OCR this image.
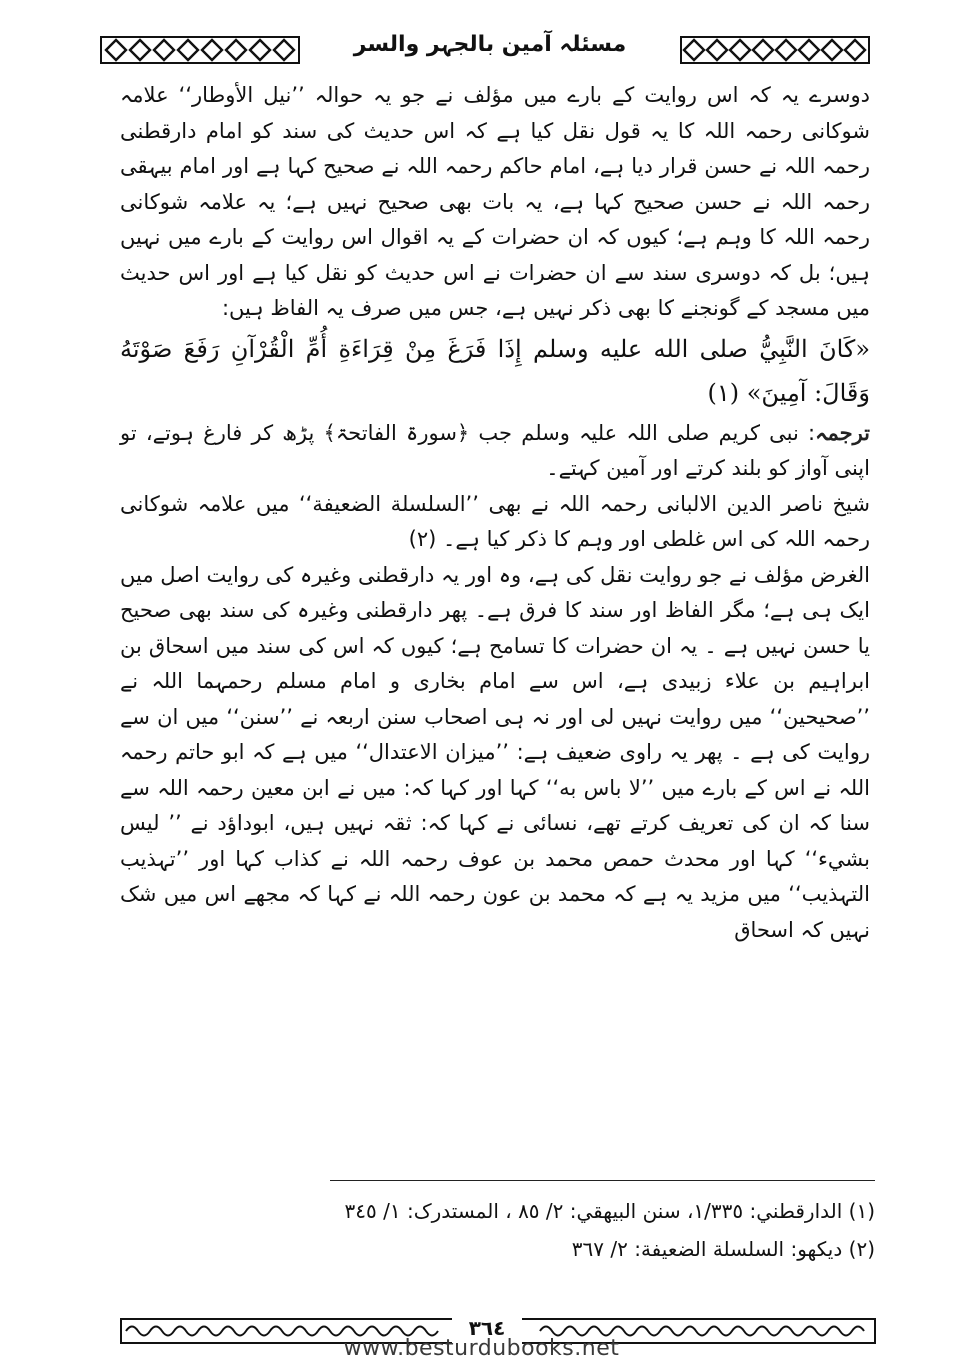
مسئلہ آمین بالجہر والسر

دوسرے یہ کہ اس روایت کے بارے میں مؤلف نے جو یہ حوالہ ’’نیل الأوطار‘‘ علامہ شوکانی رحمہ اللہ کا یہ قول نقل کیا ہے کہ اس حدیث کی سند کو امام دارقطنی رحمہ اللہ نے حسن قرار دیا ہے، امام حاکم رحمہ اللہ نے صحیح کہا ہے اور امام بیہقی رحمہ اللہ نے حسن صحیح کہا ہے، یہ بات بھی صحیح نہیں ہے؛ یہ علامہ شوکانی رحمہ اللہ کا وہم ہے؛ کیوں کہ ان حضرات کے یہ اقوال اس روایت کے بارے میں نہیں ہیں؛ بل کہ دوسری سند سے ان حضرات نے اس حدیث کو نقل کیا ہے اور اس حدیث میں مسجد کے گونجنے کا بھی ذکر نہیں ہے، جس میں صرف یہ الفاظ ہیں:

«كَانَ النَّبِيُّ صلى الله عليه وسلم إِذَا فَرَغَ مِنْ قِرَاءَةِ أُمِّ الْقُرْآنِ رَفَعَ صَوْتَهُ وَقَالَ: آمِينَ» (١)

ترجمہ: نبی کریم صلی اللہ علیہ وسلم جب ﴿سورۃ الفاتحۃ﴾ پڑھ کر فارغ ہوتے، تو اپنی آواز کو بلند کرتے اور آمین کہتے۔

شیخ ناصر الدین الالبانی رحمہ اللہ نے بھی ’’السلسلة الضعيفة‘‘ میں علامہ شوکانی رحمہ اللہ کی اس غلطی اور وہم کا ذکر کیا ہے۔ (٢)

الغرض مؤلف نے جو روایت نقل کی ہے، وہ اور یہ دارقطنی وغیرہ کی روایت اصل میں ایک ہی ہے؛ مگر الفاظ اور سند کا فرق ہے۔ پھر دارقطنی وغیرہ کی سند بھی صحیح یا حسن نہیں ہے ۔ یہ ان حضرات کا تسامح ہے؛ کیوں کہ اس کی سند میں اسحاق بن ابراہیم بن علاء زبیدی ہے، اس سے امام بخاری و امام مسلم رحمہما اللہ نے ’’صحیحین‘‘ میں روایت نہیں لی اور نہ ہی اصحاب سنن اربعہ نے ’’سنن‘‘ میں ان سے روایت کی ہے ۔ پھر یہ راوی ضعیف ہے: ’’میزان الاعتدال‘‘ میں ہے کہ ابو حاتم رحمہ اللہ نے اس کے بارے میں ’’لا باس به‘‘ کہا اور کہا کہ: میں نے ابن معین رحمہ اللہ سے سنا کہ ان کی تعریف کرتے تھے، نسائی نے کہا کہ: ثقہ نہیں ہیں، ابوداؤد نے ’’ لیس بشيء‘‘ کہا اور محدث حمص محمد بن عوف رحمہ اللہ نے کذاب کہا اور ’’تہذیب التہذیب‘‘ میں مزید یہ ہے کہ محمد بن عون رحمہ اللہ نے کہا کہ مجھے اس میں شک نہیں کہ اسحاق

(١) الدارقطني: ١/٣٣٥، سنن البيهقي: ٢/ ٨٥ ، المستدرک: ١/ ٣٤٥

(٢) دیکھو: السلسلة الضعيفة: ٢/ ٣٦٧

٣٦٤
www.besturdubooks.net
